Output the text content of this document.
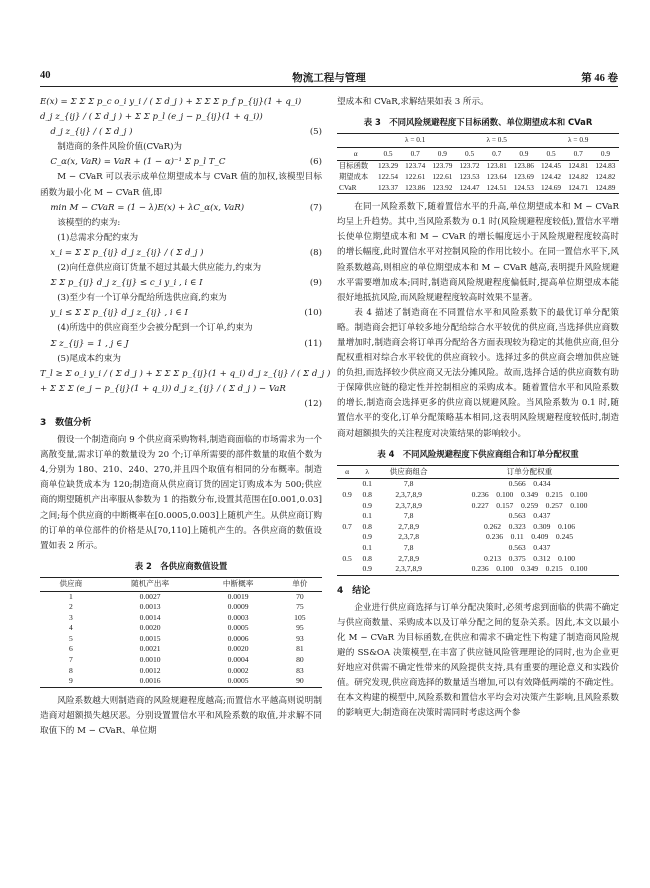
40	物流工程与管理	第 46 卷
E(x) = Σ Σ Σ p_c o_i y_i ∕ ( Σ d_j ) + Σ Σ Σ p_f p_{ij}(1 + q_i)
d_j z_{ij} ∕ ( Σ d_j ) + Σ Σ p_l (e_j − p_{ij}(1 + q_i))
d_j z_{ij} ∕ ( Σ d_j )	(5)

制造商的条件风险价值(CVaR)为

C_α(x, VaR) = VaR + (1 − α)⁻¹ Σ p_l T_C	(6)

M − CVaR 可以表示成单位期望成本与 CVaR 值的加权,该模型目标函数为最小化 M − CVaR 值,即

min M − CVaR = (1 − λ)E(x) + λC_α(x, VaR)	(7)

该模型的约束为:

(1)总需求分配约束为

x_i = Σ Σ p_{ij} d_j z_{ij} ∕ ( Σ d_j )	(8)

(2)向任意供应商订货量不超过其最大供应能力,约束为

Σ Σ p_{ij} d_j z_{ij} ≤ c_i y_i , i ∈ I	(9)

(3)至少有一个订单分配给所选供应商,约束为

y_i ≤ Σ Σ p_{ij} d_j z_{ij} , i ∈ I	(10)

(4)所选中的供应商至少会被分配到一个订单,约束为

Σ z_{ij} = 1 , j ∈ J	(11)

(5)尾成本约束为

T_l ≥ Σ o_i y_i ∕ ( Σ d_j ) + Σ Σ Σ p_{ij}(1 + q_i) d_j z_{ij} ∕ ( Σ d_j )
+ Σ Σ Σ (e_j − p_{ij}(1 + q_i)) d_j z_{ij} ∕ ( Σ d_j ) − VaR
(12)
3　数值分析

假设一个制造商向 9 个供应商采购物料,制造商面临的市场需求为一个离散变量,需求订单的数量设为 20 个;订单所需要的部件数量的取值个数为 4,分别为 180、210、240、270,并且四个取值有相同的分布概率。制造商单位缺货成本为 120;制造商从供应商订货的固定订购成本为 500;供应商的期望随机产出率服从参数为 1 的指数分布,设置其范围在[0.001,0.03]之间;每个供应商的中断概率在[0.0005,0.003]上随机产生。从供应商订购的订单的单位部件的价格是从[70,110]上随机产生的。各供应商的数值设置如表 2 所示。

表 2　各供应商数值设置
供应商	随机产出率	中断概率	单价
1	0.0027	0.0019	70
2	0.0013	0.0009	75
3	0.0014	0.0003	105
4	0.0020	0.0005	95
5	0.0015	0.0006	93
6	0.0021	0.0020	81
7	0.0010	0.0004	80
8	0.0012	0.0002	83
9	0.0016	0.0005	90

风险系数越大则制造商的风险规避程度越高;而置信水平越高则说明制造商对超额损失越厌恶。分别设置置信水平和风险系数的取值,并求解不同取值下的 M − CVaR、单位期

望成本和 CVaR,求解结果如表 3 所示。

表 3　不同风险规避程度下目标函数、单位期望成本和 CVaR
	λ = 0.1			λ = 0.5			λ = 0.9		
α	0.5	0.7	0.9	0.5	0.7	0.9	0.5	0.7	0.9
目标函数	123.29	123.74	123.79	123.72	123.81	123.86	124.45	124.81	124.83
期望成本	122.54	122.61	122.61	123.53	123.64	123.69	124.42	124.82	124.82
CVaR	123.37	123.86	123.92	124.47	124.51	124.53	124.69	124.71	124.89

在同一风险系数下,随着置信水平的升高,单位期望成本和 M − CVaR 均呈上升趋势。其中,当风险系数为 0.1 时(风险规避程度较低),置信水平增长使单位期望成本和 M − CVaR 的增长幅度远小于风险规避程度较高时的增长幅度,此时置信水平对控制风险的作用比较小。在同一置信水平下,风险系数越高,则相应的单位期望成本和 M − CVaR 越高,表明提升风险规避水平需要增加成本;同时,制造商风险规避程度偏低时,提高单位期望成本能很好地抵抗风险,而风险规避程度较高时效果不显著。

表 4 描述了制造商在不同置信水平和风险系数下的最优订单分配策略。制造商会把订单较多地分配给综合水平较优的供应商,当选择供应商数量增加时,制造商会将订单再分配给各方面表现较为稳定的其他供应商,但分配权重相对综合水平较优的供应商较小。选择过多的供应商会增加供应链的负担,而选择较少供应商又无法分摊风险。故而,选择合适的供应商数有助于保障供应链的稳定性并控制相应的采购成本。随着置信水平和风险系数的增长,制造商会选择更多的供应商以规避风险。当风险系数为 0.1 时,随置信水平的变化,订单分配策略基本相同,这表明风险规避程度较低时,制造商对超额损失的关注程度对决策结果的影响较小。

表 4　不同风险规避程度下供应商组合和订单分配权重
α	λ	供应商组合	订单分配权重
	0.1	7,8	0.566　0.434
0.9	0.8	2,3,7,8,9	0.236　0.100　0.349　0.215　0.100
	0.9	2,3,7,8,9	0.227　0.157　0.259　0.257　0.100
	0.1	7,8	0.563　0.437
0.7	0.8	2,7,8,9	0.262　0.323　0.309　0.106
	0.9	2,3,7,8	0.236　0.11　0.409　0.245
	0.1	7,8	0.563　0.437
0.5	0.8	2,7,8,9	0.213　0.375　0.312　0.100
	0.9	2,3,7,8,9	0.236　0.100　0.349　0.215　0.100
4　结论

企业进行供应商选择与订单分配决策时,必须考虑到面临的供需不确定与供应商数量、采购成本以及订单分配之间的复杂关系。因此,本文以最小化 M − CVaR 为目标函数,在供应和需求不确定性下构建了制造商风险规避的 SS&OA 决策模型,在丰富了供应链风险管理理论的同时,也为企业更好地应对供需不确定性带来的风险提供支持,具有重要的理论意义和实践价值。研究发现,供应商选择的数量适当增加,可以有效降低两端的不确定性。在本文构建的模型中,风险系数和置信水平均会对决策产生影响,且风险系数的影响更大;制造商在决策时需同时考虑这两个参
